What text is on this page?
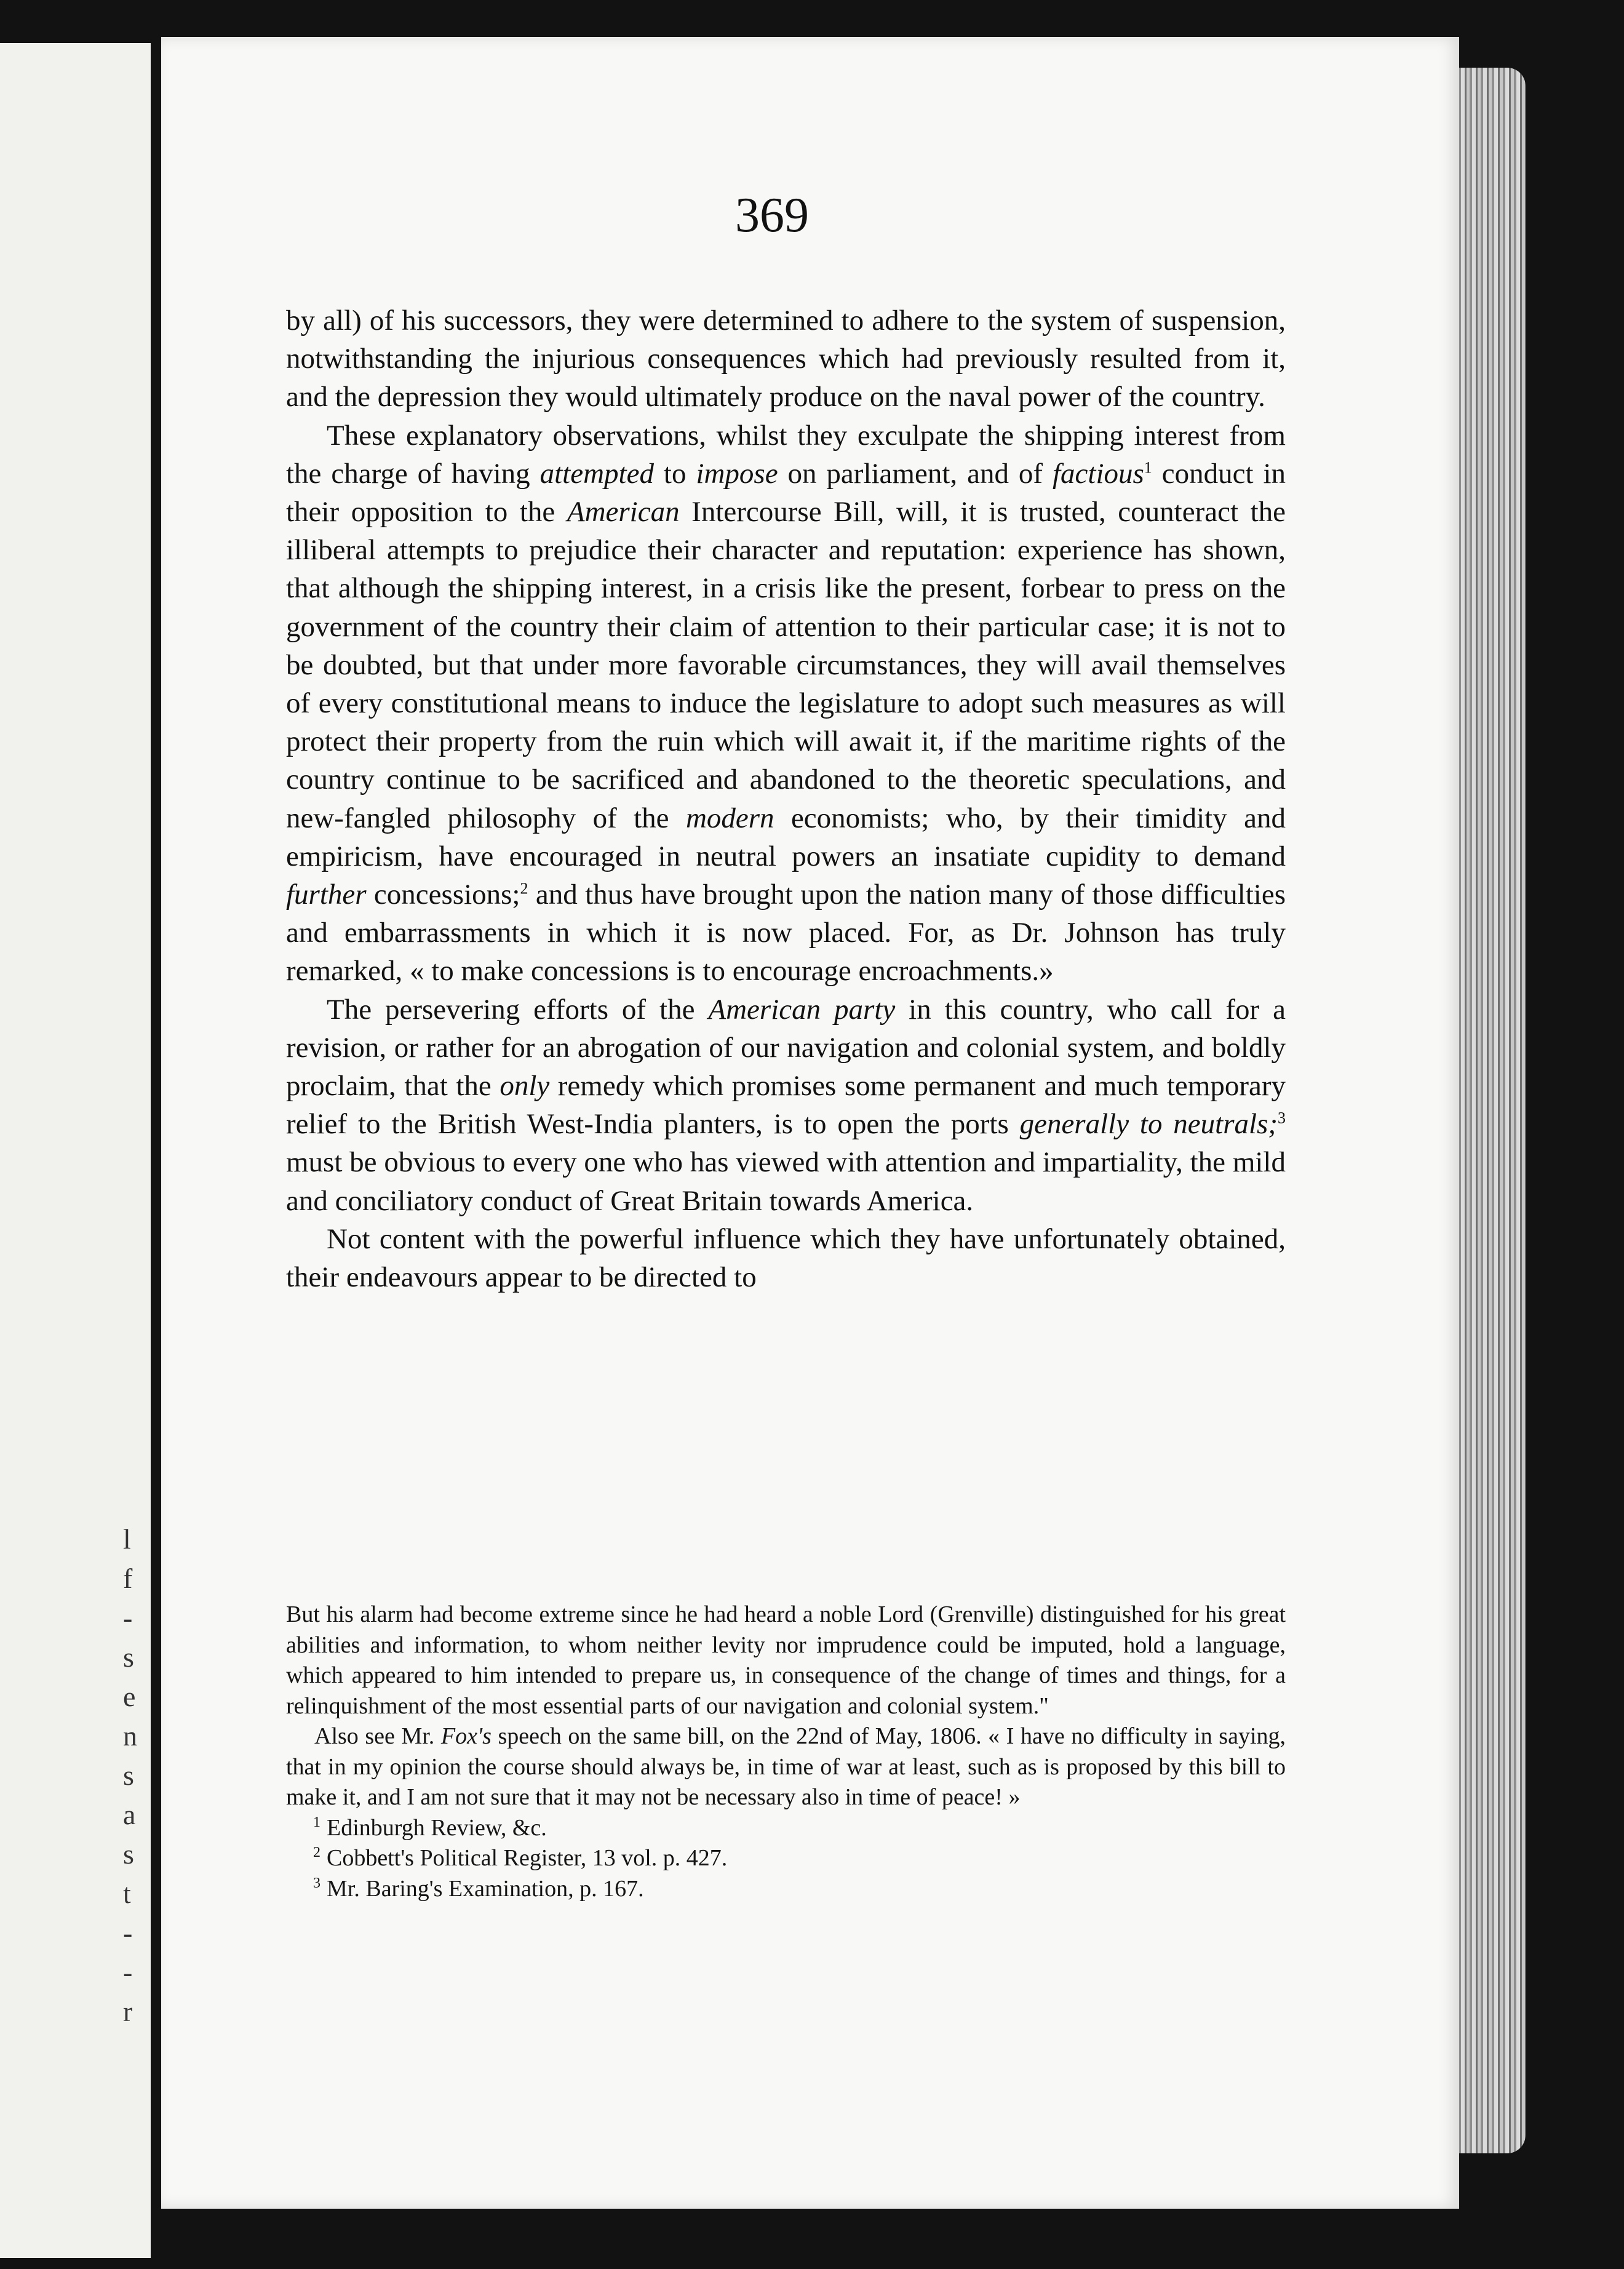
l
f
-
s
e
n
s
a
s
t
-
-
r
369

by all) of his successors, they were determined to adhere to the system of suspension, notwithstanding the injurious consequences which had previously resulted from it, and the depression they would ultimately produce on the naval power of the country.

These explanatory observations, whilst they exculpate the shipping interest from the charge of having attempted to impose on parliament, and of factious$^1$ conduct in their opposition to the American Intercourse Bill, will, it is trusted, counteract the illiberal attempts to prejudice their character and reputation: experience has shown, that although the shipping interest, in a crisis like the present, forbear to press on the government of the country their claim of attention to their particular case; it is not to be doubted, but that under more favorable circumstances, they will avail themselves of every constitutional means to induce the legislature to adopt such measures as will protect their property from the ruin which will await it, if the maritime rights of the country continue to be sacrificed and abandoned to the theoretic speculations, and new-fangled philosophy of the modern economists; who, by their timidity and empiricism, have encouraged in neutral powers an insatiate cupidity to demand further concessions;$^2$ and thus have brought upon the nation many of those difficulties and embarrassments in which it is now placed. For, as Dr. Johnson has truly remarked, « to make concessions is to encourage encroachments.»

The persevering efforts of the American party in this country, who call for a revision, or rather for an abrogation of our navigation and colonial system, and boldly proclaim, that the only remedy which promises some permanent and much temporary relief to the British West-India planters, is to open the ports generally to neutrals;$^3$ must be obvious to every one who has viewed with attention and impartiality, the mild and conciliatory conduct of Great Britain towards America.

Not content with the powerful influence which they have unfortunately obtained, their endeavours appear to be directed to

But his alarm had become extreme since he had heard a noble Lord (Grenville) distinguished for his great abilities and information, to whom neither levity nor imprudence could be imputed, hold a language, which appeared to him intended to prepare us, in consequence of the change of times and things, for a relinquishment of the most essential parts of our navigation and colonial system."

Also see Mr. Fox's speech on the same bill, on the 22nd of May, 1806. « I have no difficulty in saying, that in my opinion the course should always be, in time of war at least, such as is proposed by this bill to make it, and I am not sure that it may not be necessary also in time of peace! »

$^1$ Edinburgh Review, &c.
$^2$ Cobbett's Political Register, 13 vol. p. 427.
$^3$ Mr. Baring's Examination, p. 167.
